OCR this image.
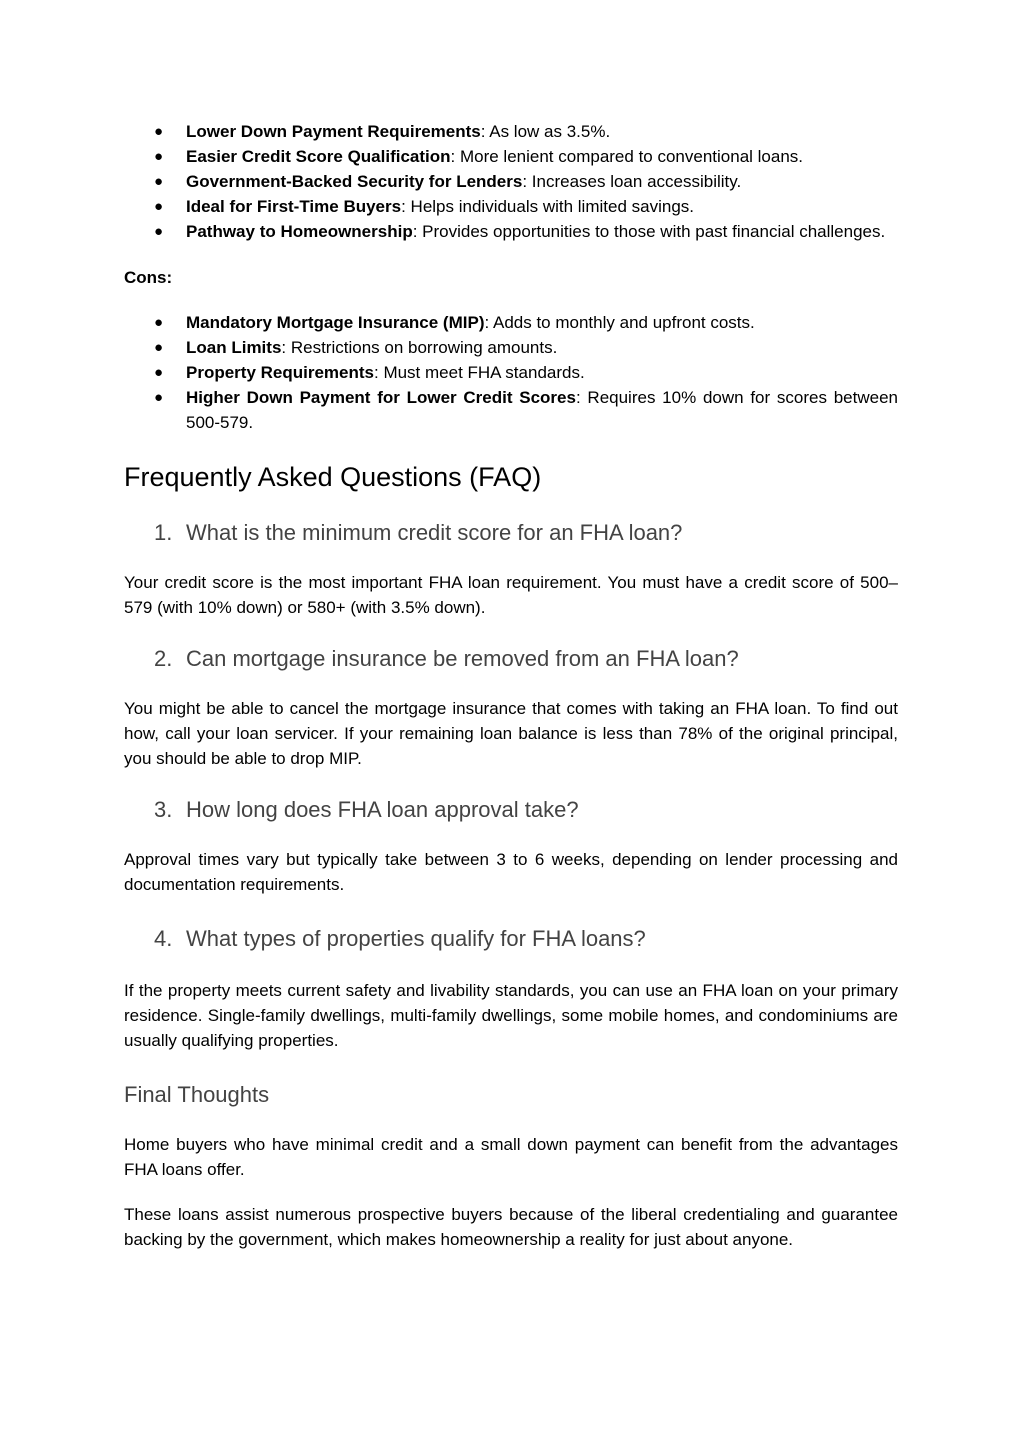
● Lower Down Payment Requirements: As low as 3.5%.
● Easier Credit Score Qualification: More lenient compared to conventional loans.
● Government-Backed Security for Lenders: Increases loan accessibility.
● Ideal for First-Time Buyers: Helps individuals with limited savings.
● Pathway to Homeownership: Provides opportunities to those with past financial challenges.
Cons:
● Mandatory Mortgage Insurance (MIP): Adds to monthly and upfront costs.
● Loan Limits: Restrictions on borrowing amounts.
● Property Requirements: Must meet FHA standards.
● Higher Down Payment for Lower Credit Scores: Requires 10% down for scores between 500-579.
Frequently Asked Questions (FAQ)
1. What is the minimum credit score for an FHA loan?

Your credit score is the most important FHA loan requirement. You must have a credit score of 500–579 (with 10% down) or 580+ (with 3.5% down).

2. Can mortgage insurance be removed from an FHA loan?

You might be able to cancel the mortgage insurance that comes with taking an FHA loan. To find out how, call your loan servicer. If your remaining loan balance is less than 78% of the original principal, you should be able to drop MIP.

3. How long does FHA loan approval take?

Approval times vary but typically take between 3 to 6 weeks, depending on lender processing and documentation requirements.

4. What types of properties qualify for FHA loans?

If the property meets current safety and livability standards, you can use an FHA loan on your primary residence. Single-family dwellings, multi-family dwellings, some mobile homes, and condominiums are usually qualifying properties.

Final Thoughts

Home buyers who have minimal credit and a small down payment can benefit from the advantages FHA loans offer.

These loans assist numerous prospective buyers because of the liberal credentialing and guarantee backing by the government, which makes homeownership a reality for just about anyone.
